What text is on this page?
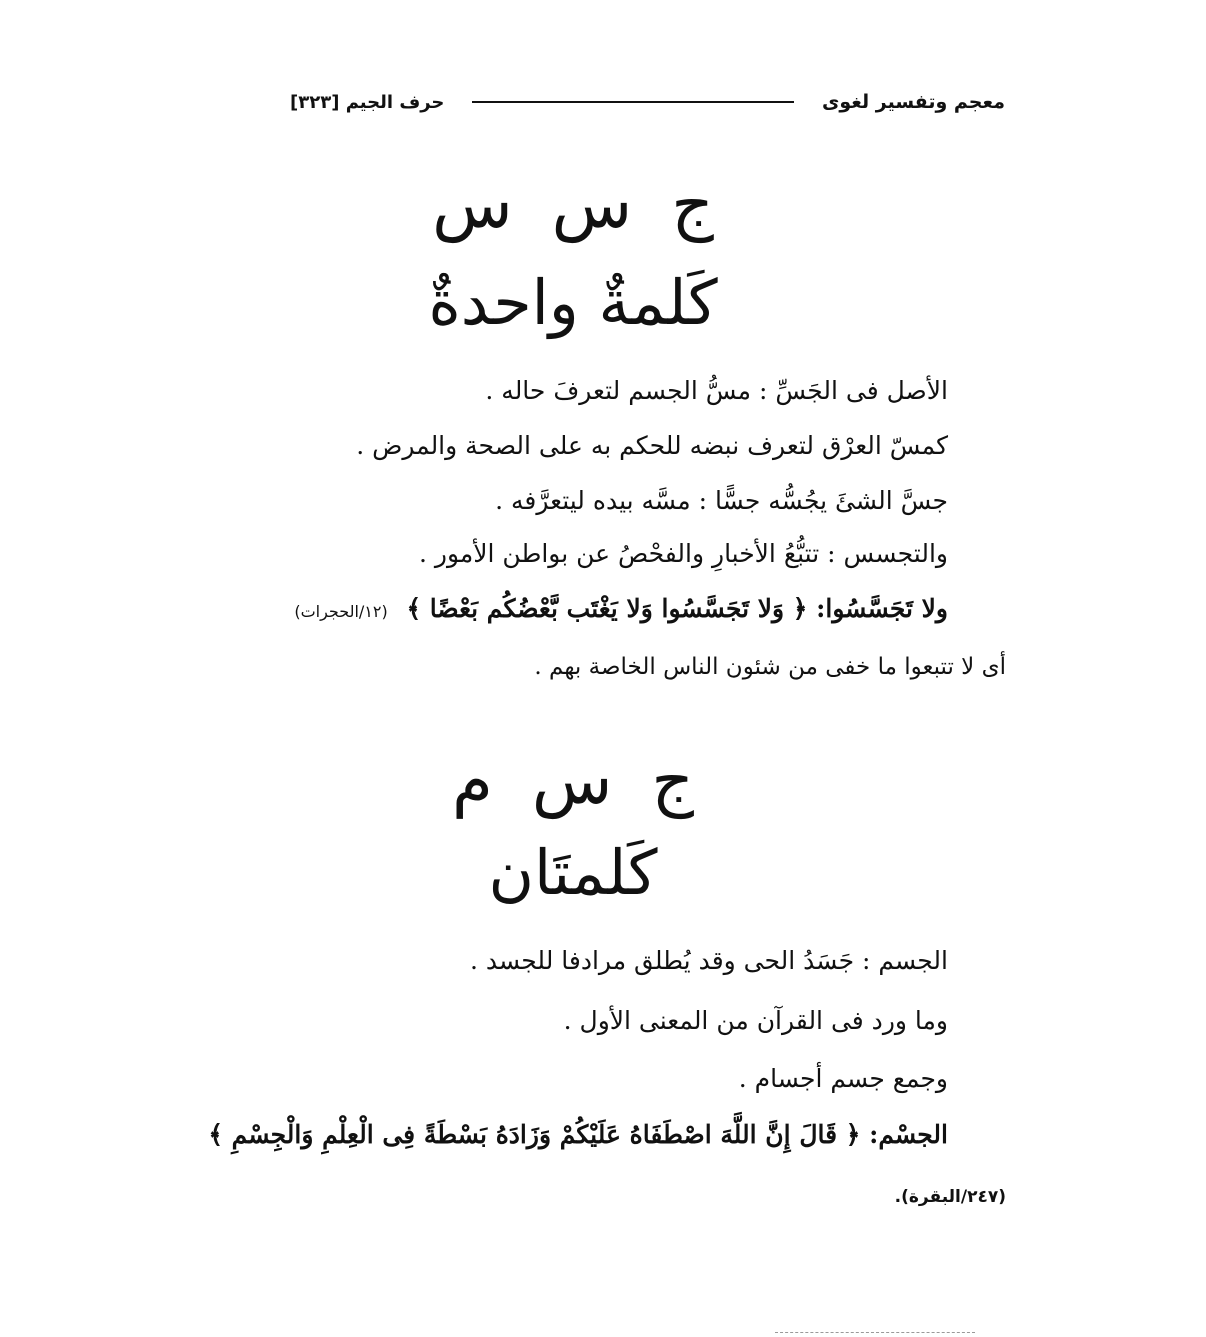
معجم وتفسير لغوى
حرف الجيم [٣٢٣]
ج س س
كَلمةٌ واحدةٌ
الأصل فى الجَسِّ : مسُّ الجسم لتعرفَ حاله .
كمسّ العرْق لتعرف نبضه للحكم به على الصحة والمرض .
جسَّ الشئَ يجُسُّه جسًّا : مسَّه بيده ليتعرَّفه .
والتجسس : تتبُّعُ الأخبارِ والفحْصُ عن بواطن الأمور .
ولا تَجَسَّسُوا: ﴿ وَلا تَجَسَّسُوا وَلا يَغْتَب بَّعْضُكُم بَعْضًا ﴾ (١٢/الحجرات)
أى لا تتبعوا ما خفى من شئون الناس الخاصة بهم .
ج س م
كَلمتَان
الجسم : جَسَدُ الحى وقد يُطلق مرادفا للجسد .
وما ورد فى القرآن من المعنى الأول .
وجمع جسم أجسام .
الجسْم: ﴿ قَالَ إِنَّ اللَّهَ اصْطَفَاهُ عَلَيْكُمْ وَزَادَهُ بَسْطَةً فِى الْعِلْمِ وَالْجِسْمِ ﴾
(٢٤٧/البقرة).
